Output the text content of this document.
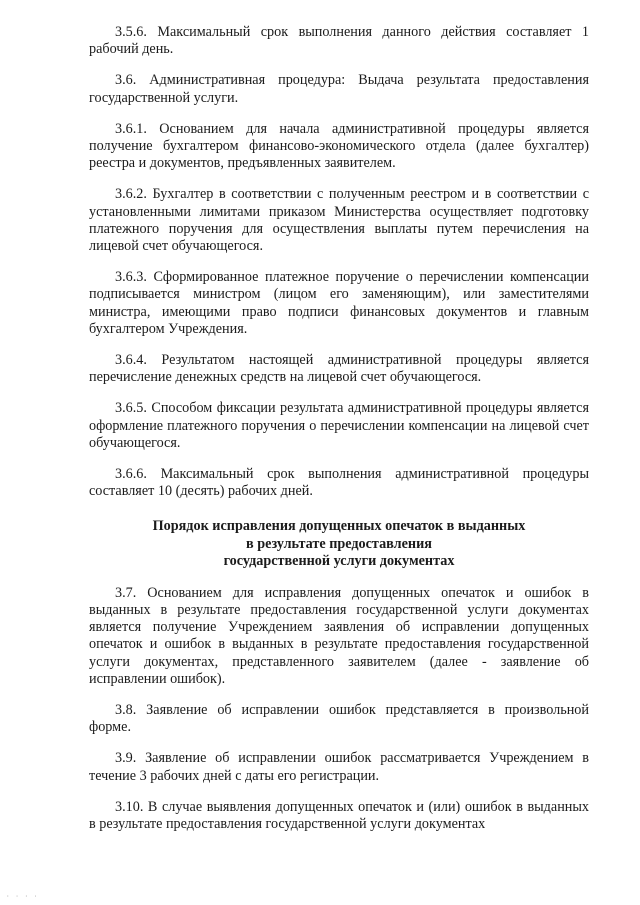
3.5.6. Максимальный срок выполнения данного действия составляет 1 рабочий день.

3.6. Административная процедура: Выдача результата предоставления государственной услуги.

3.6.1. Основанием для начала административной процедуры является получение бухгалтером финансово-экономического отдела (далее бухгалтер) реестра и документов, предъявленных заявителем.

3.6.2. Бухгалтер в соответствии с полученным реестром и в соответствии с установленными лимитами приказом Министерства осуществляет подготовку платежного поручения для осуществления выплаты путем перечисления на лицевой счет обучающегося.

3.6.3. Сформированное платежное поручение о перечислении компенсации подписывается министром (лицом его заменяющим), или заместителями министра, имеющими право подписи финансовых документов и главным бухгалтером Учреждения.

3.6.4. Результатом настоящей административной процедуры является перечисление денежных средств на лицевой счет обучающегося.

3.6.5. Способом фиксации результата административной процедуры является оформление платежного поручения о перечислении компенсации на лицевой счет обучающегося.

3.6.6. Максимальный срок выполнения административной процедуры составляет 10 (десять) рабочих дней.

Порядок исправления допущенных опечаток в выданных
в результате предоставления
государственной услуги документах

3.7. Основанием для исправления допущенных опечаток и ошибок в выданных в результате предоставления государственной услуги документах является получение Учреждением заявления об исправлении допущенных опечаток и ошибок в выданных в результате предоставления государственной услуги документах, представленного заявителем (далее - заявление об исправлении ошибок).

3.8. Заявление об исправлении ошибок представляется в произвольной форме.

3.9. Заявление об исправлении ошибок рассматривается Учреждением в течение 3 рабочих дней с даты его регистрации.

3.10. В случае выявления допущенных опечаток и (или) ошибок в выданных в результате предоставления государственной услуги документах

· · · ·
